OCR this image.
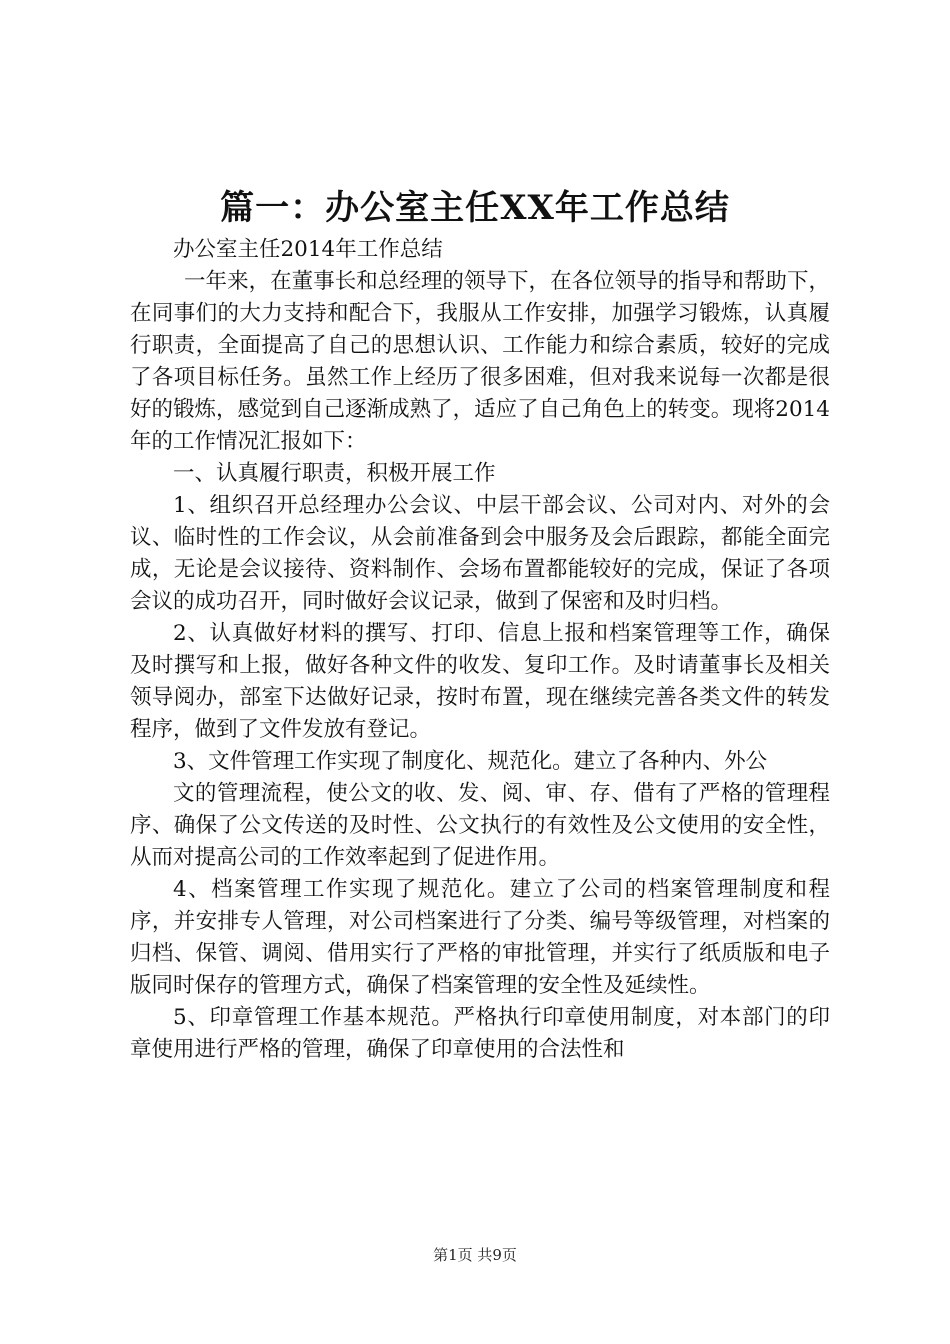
篇一：办公室主任XX年工作总结

办公室主任2014年工作总结

一年来，在董事长和总经理的领导下，在各位领导的指导和帮助下，在同事们的大力支持和配合下，我服从工作安排，加强学习锻炼，认真履行职责，全面提高了自己的思想认识、工作能力和综合素质，较好的完成了各项目标任务。虽然工作上经历了很多困难，但对我来说每一次都是很好的锻炼，感觉到自己逐渐成熟了，适应了自己角色上的转变。现将2014年的工作情况汇报如下：

一、认真履行职责，积极开展工作

1、组织召开总经理办公会议、中层干部会议、公司对内、对外的会议、临时性的工作会议，从会前准备到会中服务及会后跟踪，都能全面完成，无论是会议接待、资料制作、会场布置都能较好的完成，保证了各项会议的成功召开，同时做好会议记录，做到了保密和及时归档。

2、认真做好材料的撰写、打印、信息上报和档案管理等工作，确保及时撰写和上报，做好各种文件的收发、复印工作。及时请董事长及相关领导阅办，部室下达做好记录，按时布置，现在继续完善各类文件的转发程序，做到了文件发放有登记。

3、文件管理工作实现了制度化、规范化。建立了各种内、外公

文的管理流程，使公文的收、发、阅、审、存、借有了严格的管理程序、确保了公文传送的及时性、公文执行的有效性及公文使用的安全性，从而对提高公司的工作效率起到了促进作用。

4、档案管理工作实现了规范化。建立了公司的档案管理制度和程序，并安排专人管理，对公司档案进行了分类、编号等级管理，对档案的归档、保管、调阅、借用实行了严格的审批管理，并实行了纸质版和电子版同时保存的管理方式，确保了档案管理的安全性及延续性。

5、印章管理工作基本规范。严格执行印章使用制度，对本部门的印章使用进行严格的管理，确保了印章使用的合法性和

第1页 共9页
